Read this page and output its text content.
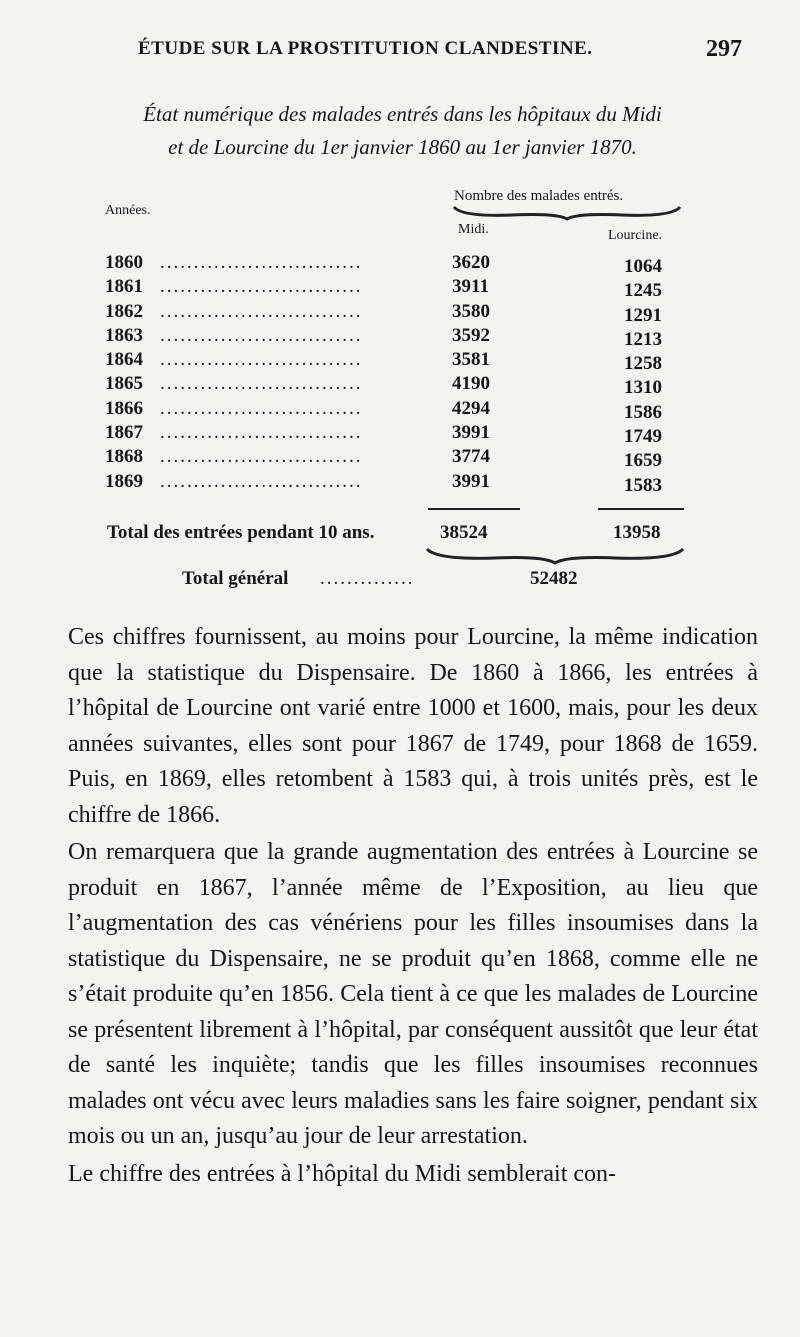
ÉTUDE SUR LA PROSTITUTION CLANDESTINE.	297
État numérique des malades entrés dans les hôpitaux du Midi
et de Lourcine du 1er janvier 1860 au 1er janvier 1870.
Années.
Nombre des malades entrés.
Midi.	Lourcine.
1860 ..............................	3620	1064
1861 ..............................	3911	1245
1862 ..............................	3580	1291
1863 ..............................	3592	1213
1864 ..............................	3581	1258
1865 ..............................	4190	1310
1866 ..............................	4294	1586
1867 ..............................	3991	1749
1868 ..............................	3774	1659
1869 ..............................	3991	1583
Total des entrées pendant 10 ans.	38524	13958
Total général ..............	52482

Ces chiffres fournissent, au moins pour Lourcine, la même indication que la statistique du Dispensaire. De 1860 à 1866, les entrées à l’hôpital de Lourcine ont varié entre 1000 et 1600, mais, pour les deux années suivantes, elles sont pour 1867 de 1749, pour 1868 de 1659. Puis, en 1869, elles retombent à 1583 qui, à trois unités près, est le chiffre de 1866.

On remarquera que la grande augmentation des entrées à Lourcine se produit en 1867, l’année même de l’Exposition, au lieu que l’augmentation des cas vénériens pour les filles insoumises dans la statistique du Dispensaire, ne se produit qu’en 1868, comme elle ne s’était produite qu’en 1856. Cela tient à ce que les malades de Lourcine se présentent librement à l’hôpital, par conséquent aussitôt que leur état de santé les inquiète; tandis que les filles insoumises reconnues malades ont vécu avec leurs maladies sans les faire soigner, pendant six mois ou un an, jusqu’au jour de leur arrestation.

Le chiffre des entrées à l’hôpital du Midi semblerait con-
